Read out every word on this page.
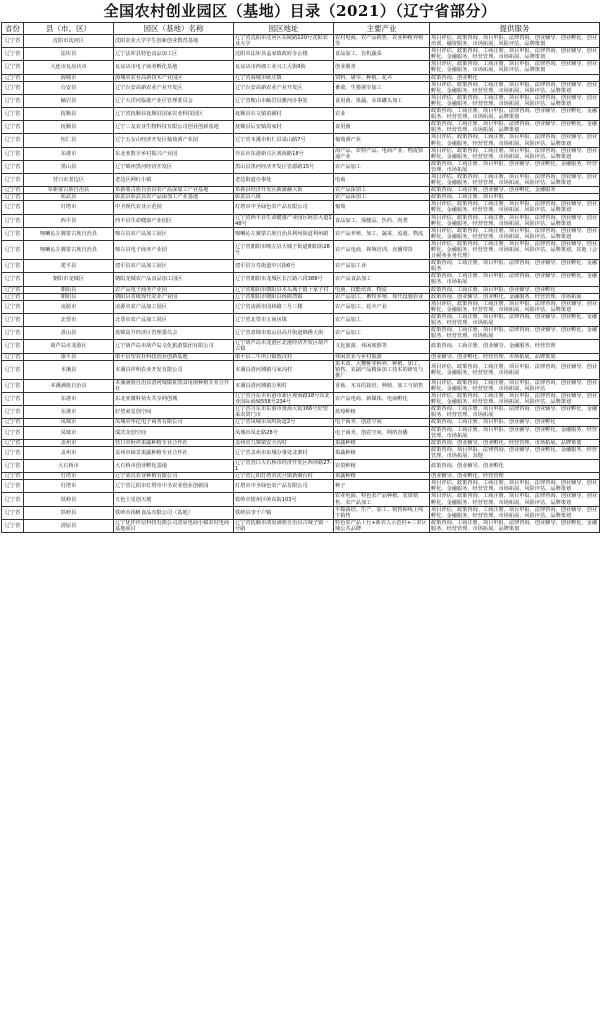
全国农村创业园区（基地）目录（2021）（辽宁省部分）
省份	县（市、区）	园区（基地）名称	园区地址	主要产业	提供服务
辽宁省	沈阳市沈河区	沈阳农业大学学生创新创业教育基地	辽宁省沈阳市沈河区东陵路120号沈阳农业大学	农村电商、农产品销售、农业种植养殖等	项目评估、政策咨询、项目申报、法律咨询、创业辅导、创业孵化、创业培训、融资服务、市场拓展、风险评估、品牌策划
辽宁省	法库县	辽宁法库县特色食品加工区	沈阳市法库县孟家镇政府办公楼	食品加工、有机蔬菜	项目评估、政策咨询、工商注册、项目申报、法律咨询、创业辅导、创业孵化、金融服务、经营管理、市场拓展、品牌策划
辽宁省	大连市瓦房店市	瓦房店市电子商务孵化基地	瓦房店市西郊工业兴工大街9街	创业服务	项目评估、政策咨询、工商注册、项目申报、法律咨询、创业辅导、创业孵化、金融服务、市场拓展、风险评估、品牌策划
辽宁省	海城市	海城市农业高新技术产业园区	辽宁省海城市耿庄镇	饲料、屠宰、种植、花卉	政策咨询、创业孵化
辽宁省	台安县	辽宁台安高新农业产业开发区	辽宁台安高新农业产业开发区	畜禽、生猪屠宰加工	项目评估、政策咨询、工商注册、项目申报、法律咨询、创业辅导、创业孵化、金融服务、经营管理、市场拓展、风险评估、品牌策划
辽宁省	岫岩县	辽宁大洋河临港产业区管理委员会	辽宁省鞍山市岫岩县雅河办事处	食用菌、果蔬、水果罐头加工	项目评估、政策咨询、工商注册、项目申报、法律咨询、创业辅导、创业孵化、金融服务、经营管理、市场拓展、风险评估、品牌策划
辽宁省	抚顺县	辽宁省抚顺县抚顺县国家农业科技园区	抚顺县石文镇苗圃村	农业	政策咨询、工商注册、项目申报、法律咨询、创业辅导、创业孵化、金融服务、经营管理、市场拓展、品牌策划
辽宁省	抚顺县	辽宁三友农业生物科技有限公司创业创新基地	抚顺县后安镇周家村	食用菌	政策咨询、工商注册、项目申报、法律咨询、创业辅导、创业孵化、金融服务、经营管理、市场拓展、品牌策划
辽宁省	桓仁县	辽宁五女山经济开发区葡萄酒产业园	辽宁省本溪市桓仁县泉山路7号	葡萄酒产业	项目评估、政策咨询、工商注册、项目申报、法律咨询、创业辅导、创业孵化、金融服务、经营管理、市场拓展、风险评估、品牌策划
辽宁省	东港市	东北亚数字乡村振兴产业园	丹东市东港新兴区观海路18号	海产品、农特产品、电商产业、物流快递产业	项目评估、政策咨询、工商注册、项目申报、法律咨询、创业辅导、创业孵化、金融服务、经营管理、市场拓展、风险评估、品牌策划
辽宁省	黑山县	辽宁锦州黑河经济开发区	黑山县黑河经济开发区管源路15号	农产品加工	政策咨询、工商注册、项目申报、创业辅导、创业孵化、金融服务、经营管理、市场拓展
辽宁省	营口市老边区	老边区网红小镇	老边街道办事处	电商	项目评估、政策咨询、工商注册、项目申报、法律咨询、创业辅导、创业孵化、金融服务、经营管理、市场拓展、风险评估、品牌策划
辽宁省	阜新蒙古族自治县	阜新蒙古族自治县农产品深加工产业基地	阜新县经济开发区新蒲赫大街	农产品深加工	政策咨询、工商注册、创业辅导、创业孵化、金融服务
辽宁省	彰武县	彰武县彰武县农产品深加工产业基地	彰武县六镇	农产品深加工	政策咨询、工商注册、项目申报
辽宁省	灯塔市	中圣现代农业示范园	灯塔市中圣绿色农产品有限公司	葡萄	项目评估、政策咨询、工商注册、项目申报、法律咨询、创业辅导、创业孵化、金融服务、经营管理、市场拓展、风险评估、品牌策划
辽宁省	西丰县	西丰县生命健康产业园区	辽宁省西丰县生命健康产业园区阿拉大道148号	食品加工、保健品、医药、肉类	项目评估、政策咨询、工商注册、项目申报、法律咨询、创业辅导、创业孵化、金融服务、经营管理、市场拓展、风险评估、品牌策划
辽宁省	喀喇沁左翼蒙古族自治县	喀左县农产品加工园区	喀喇沁左翼蒙古族自治县利州街道利州路	农产品养殖、加工、蔬菜、流通、物流	项目评估、政策咨询、工商注册、项目申报、法律咨询、创业辅导、创业孵化、金融服务、经营管理、市场拓展、风险评估、品牌策划
辽宁省	喀喇沁左翼蒙古族自治县	喀左县电子商务产业园	辽宁省朝阳市喀左县大城子街道朝阳街28号	农产品电商、视频培训、直播带货	项目评估、政策咨询、工商注册、项目申报、法律咨询、创业辅导、创业孵化、金融服务、经营管理、市场拓展、风险评估、品牌策划、其他（会计税务业务代理）
辽宁省	建平县	建平县农产品加工园区	建平县万寿街道中兴街6号	农产品加工业	政策咨询、工商注册、项目申报、法律咨询、创业辅导、创业孵化、金融服务
辽宁省	朝阳市龙城区	朝阳龙城农产品食品加工园区	辽宁省朝阳市龙城区长江路六段388号	农产品食品加工	政策咨询、工商注册、项目申报、法律咨询、创业辅导、创业孵化、金融服务、市场拓展
辽宁省	朝阳县	农产品电子商务产业园	辽宁省朝阳市朝阳县木头城子镇十家子村	电商、技能培训、物流	政策咨询、工商注册、项目申报、创业辅导、创业孵化
辽宁省	朝阳县	朝阳县省级现代农业产业园	辽宁省朝阳市朝阳县杨树湾镇	农产品加工、畜牧养殖、现代设施农业	政策咨询、创业辅导、创业孵化、金融服务、经营管理、市场拓展
辽宁省	凌源市	凌源市农产品加工园区	辽宁省凌源市园林路二号三楼	农产品加工、花卉产业	项目评估、政策咨询、工商注册、项目申报、法律咨询、创业辅导、创业孵化、金融服务、经营管理、市场拓展、风险评估、品牌策划
辽宁省	北票市	北票市农产品加工园区	辽宁省北票市五间房镇	农产品加工	政策咨询、工商注册、项目申报、法律咨询、创业辅导、创业孵化、金融服务、经营管理、市场拓展
辽宁省	盘山县	盘锦高升经济区管理委员会	辽宁省盘锦市盘山县高升街道锦绣大街	农产品加工	政策咨询、工商注册、项目申报、法律咨询、创业辅导、创业孵化、金融服务、经营管理、市场拓展
辽宁省	葫芦岛市龙港区	辽宁葫芦岛市葫芦岛文化旅游集团有限公司	辽宁葫芦岛市龙港区北港经济开发区葫芦古镇	文化旅游、休闲度假等	政策咨询、工商注册、创业辅导、金融服务、经营管理
辽宁省	康平县	康平县望农社科技创业创新基地	康平县二牛所口镇敖汉村	休闲农业与乡村旅游	创业辅导、创业孵化、经营管理、市场拓展、品牌策划
辽宁省	本溪县	本溪县祥明农业开发有限公司	本溪县清河城镇马家沟村	果木苗、大樱桃等种养、种植、加工、销售、农副产品精深加工技术的研发与推广	项目评估、政策咨询、工商注册、项目申报、法律咨询、创业辅导、创业孵化、金融服务、经营管理、市场拓展
辽宁省	本溪满族自治县	本溪满族自治县清河城镇祉凯食用菌种植专业合作社	本溪县清河城镇万利村	香菇、木耳的栽培、种植、加工与销售	项目评估、政策咨询、工商注册、项目申报、法律咨询、创业辅导、创业孵化、金融服务、经营管理、市场拓展、风险评估
辽宁省	东港市	东北亚微科快火共享网创城	辽宁省丹东市东港市新区观海路18号东北亚国际商城558号234号	农产品电商、新媒体、电商孵化	项目评估、政策咨询、工商注册、项目申报、法律咨询、创业辅导、创业孵化、金融服务、经营管理、市场拓展、风险评估、品牌策划
辽宁省	东港市	好望来星创空间	辽宁省丹东市东港市黄海大街166号好望来农资门市	蓝莓种植	政策咨询、工商注册、项目申报、法律咨询、创业辅导、创业孵化、金融服务、经营管理、市场拓展
辽宁省	凤城市	凤城市华亿电子商务有限公司	辽宁省凤城市凤鸣街道2号	电子商务、创意空间	政策咨询、工商注册、项目申报、创业辅导、创业孵化
辽宁省	凤城市	瑞沃众创空间	凤城市凤北路28号	电子商务、创意空间、网络直播	政策咨询、工商注册、项目申报、创业辅导、创业孵化、金融服务、经营管理、市场拓展
辽宁省	盖州市	营口市阿祥果蔬种植专业合作社	盖州市九寨镇安全沟村	果蔬种植	政策咨询、创业辅导、创业孵化、经营管理、市场拓展、品牌策划
辽宁省	盖州市	盖州市绿景果蔬种植专业合作社	辽宁省盖州市东城办事处北寨村	果蔬种植	政策咨询、项目申报、法律咨询、创业辅导、创业孵化、金融服务、经营管理、市场拓展、其他
辽宁省	大石桥市	大石桥市创业孵化基地	辽宁省营口大石桥市经济开发区西环路27-1	农资种植	政策咨询、创业辅导、创业孵化
辽宁省	灯塔市	辽宁荣昌农业种植有限公司	辽宁省辽阳灯塔市沈旦镇新烟台村	果蔬种植	创业辅导、创业孵化、经营管理
辽宁省	灯塔市	辽宁省辽阳市灯塔市中圣农业创业创新园	灯塔市中圣绿色农产品有限公司	种子	项目评估、政策咨询、工商注册、项目申报、法律咨询、创业辅导、创业孵化、金融服务、经营管理、市场拓展、风险评估、品牌策划
辽宁省	铁岭县	五色土星创天地	铁岭市银州区岭东街103号	农业电商、特色农产品种植、农资销售、农产品加工	项目评估、政策咨询、工商注册、项目申报、法律咨询、创业辅导、创业孵化、金融服务、经营管理、市场拓展、风险评估、品牌策划
辽宁省	铁岭县	铁岭市扬帆食品有限公司（基地）	铁岭县李千户镇	平榛栽培、生产、加工、销售和线上线下销售	项目评估、政策咨询、工商注册、项目申报、法律咨询、创业辅导、创业孵化、金融服务、经营管理、市场拓展、风险评估、品牌策划
辽宁省	清原县	辽宁优伴佳信科技有限公司清原电商小镇农村电商基地项目	辽宁省抚顺市清原满族自治县古城子镇一号路	特色农产品上行+新农人示范村+三农区域公共品牌	政策咨询、工商注册、项目申报、法律咨询、创业辅导、创业孵化、金融服务、经营管理、市场拓展、品牌策划
